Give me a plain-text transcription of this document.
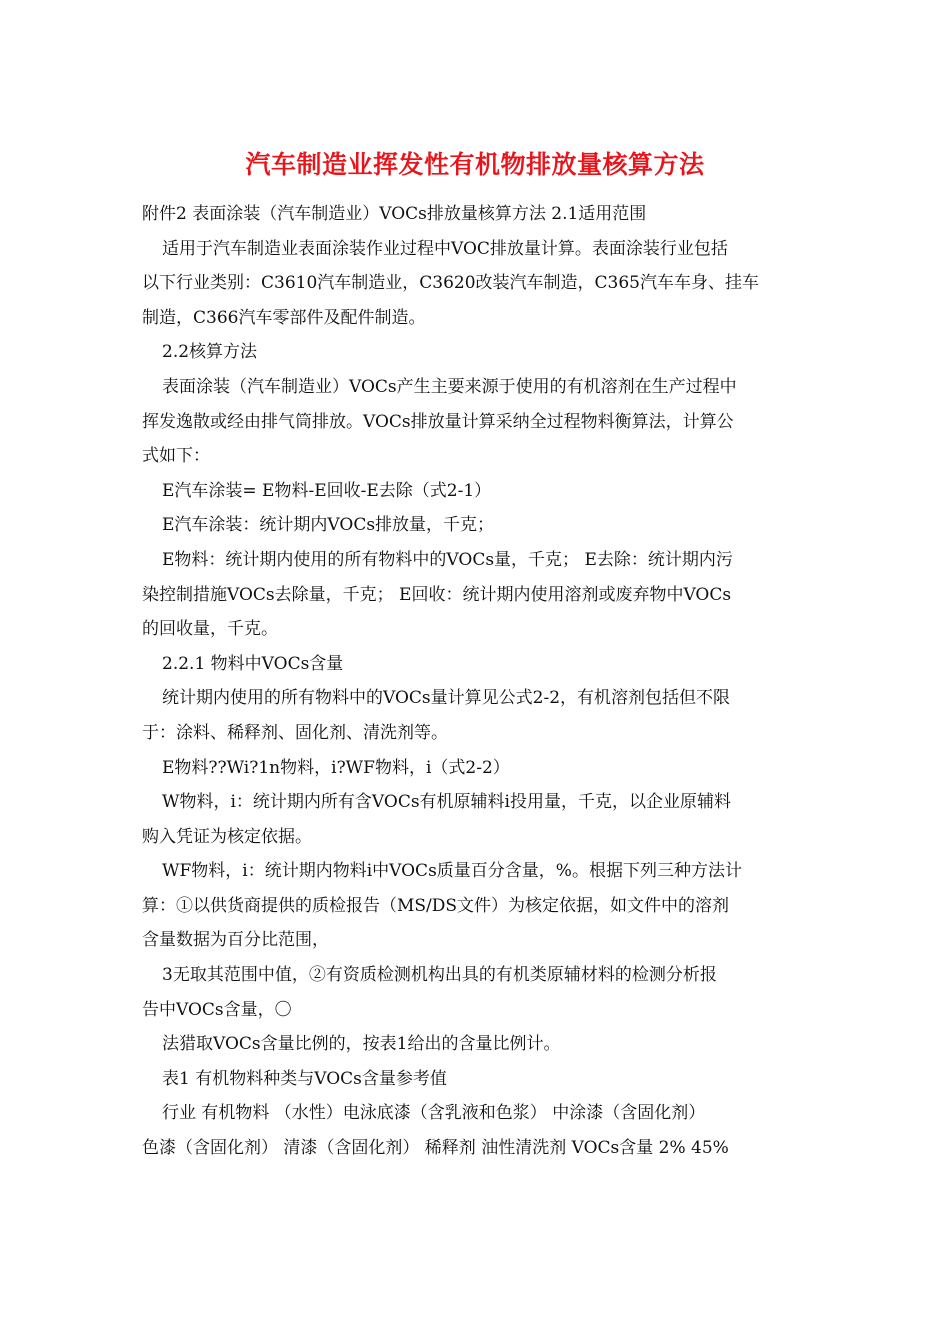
汽车制造业挥发性有机物排放量核算方法
附件2 表面涂装（汽车制造业）VOCs排放量核算方法 2.1适用范围
适用于汽车制造业表面涂装作业过程中VOC排放量计算。表面涂装行业包括
以下行业类别：C3610汽车制造业，C3620改装汽车制造，C365汽车车身、挂车
制造，C366汽车零部件及配件制造。
2.2核算方法
表面涂装（汽车制造业）VOCs产生主要来源于使用的有机溶剂在生产过程中
挥发逸散或经由排气筒排放。VOCs排放量计算采纳全过程物料衡算法，计算公
式如下：
E汽车涂装= E物料-E回收-E去除（式2-1）
E汽车涂装：统计期内VOCs排放量，千克；
E物料：统计期内使用的所有物料中的VOCs量，千克； E去除：统计期内污
染控制措施VOCs去除量，千克； E回收：统计期内使用溶剂或废弃物中VOCs
的回收量，千克。
2.2.1 物料中VOCs含量
统计期内使用的所有物料中的VOCs量计算见公式2-2，有机溶剂包括但不限
于：涂料、稀释剂、固化剂、清洗剂等。
E物料??Wi?1n物料，i?WF物料，i（式2-2）
W物料，i：统计期内所有含VOCs有机原辅料i投用量，千克，以企业原辅料
购入凭证为核定依据。
WF物料，i：统计期内物料i中VOCs质量百分含量，%。根据下列三种方法计
算：①以供货商提供的质检报告（MS/DS文件）为核定依据，如文件中的溶剂
含量数据为百分比范围，
3无取其范围中值，②有资质检测机构出具的有机类原辅材料的检测分析报
告中VOCs含量，〇
法猎取VOCs含量比例的，按表1给出的含量比例计。
表1 有机物料种类与VOCs含量参考值
行业 有机物料 （水性）电泳底漆（含乳液和色浆） 中涂漆（含固化剂）
色漆（含固化剂） 清漆（含固化剂） 稀释剂 油性清洗剂 VOCs含量 2% 45%
